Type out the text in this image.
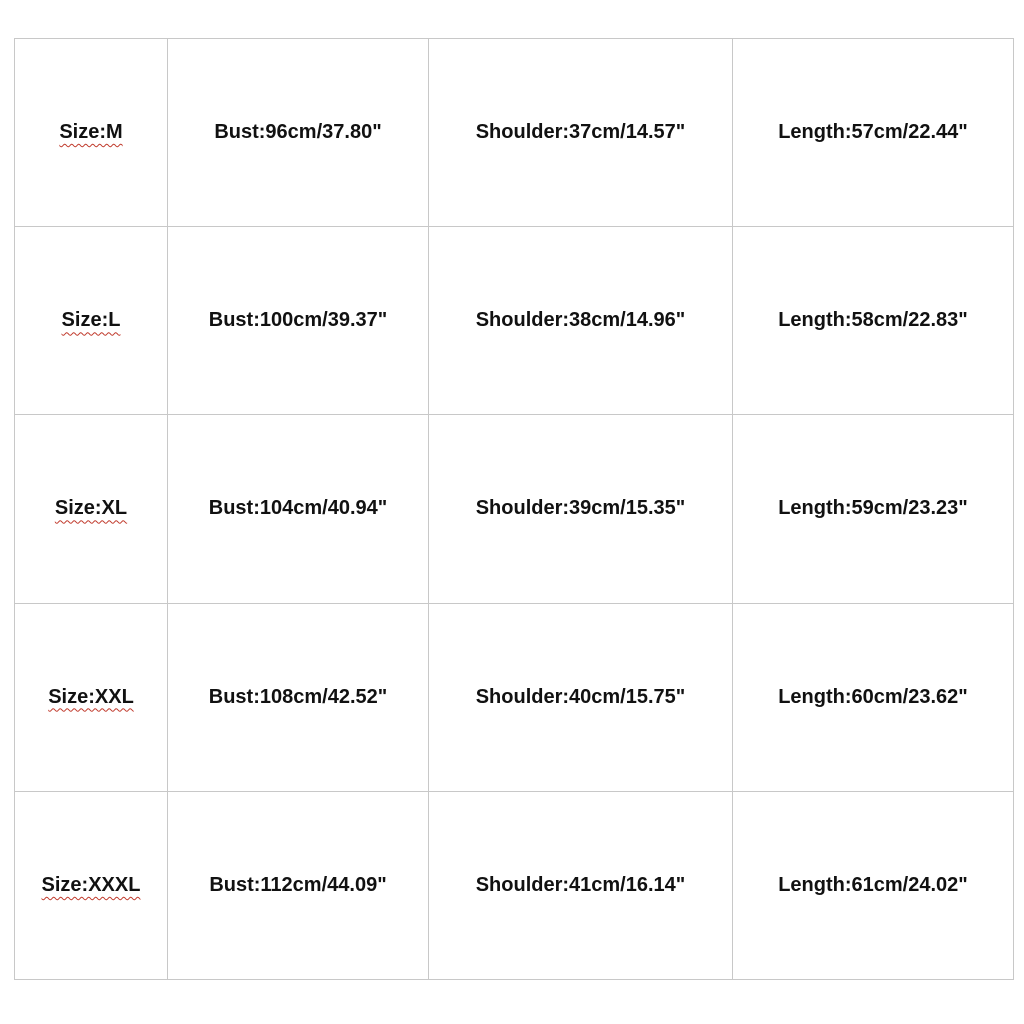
Size:M	Bust:96cm/37.80"	Shoulder:37cm/14.57"	Length:57cm/22.44"
Size:L	Bust:100cm/39.37"	Shoulder:38cm/14.96"	Length:58cm/22.83"
Size:XL	Bust:104cm/40.94"	Shoulder:39cm/15.35"	Length:59cm/23.23"
Size:XXL	Bust:108cm/42.52"	Shoulder:40cm/15.75"	Length:60cm/23.62"
Size:XXXL	Bust:112cm/44.09"	Shoulder:41cm/16.14"	Length:61cm/24.02"
